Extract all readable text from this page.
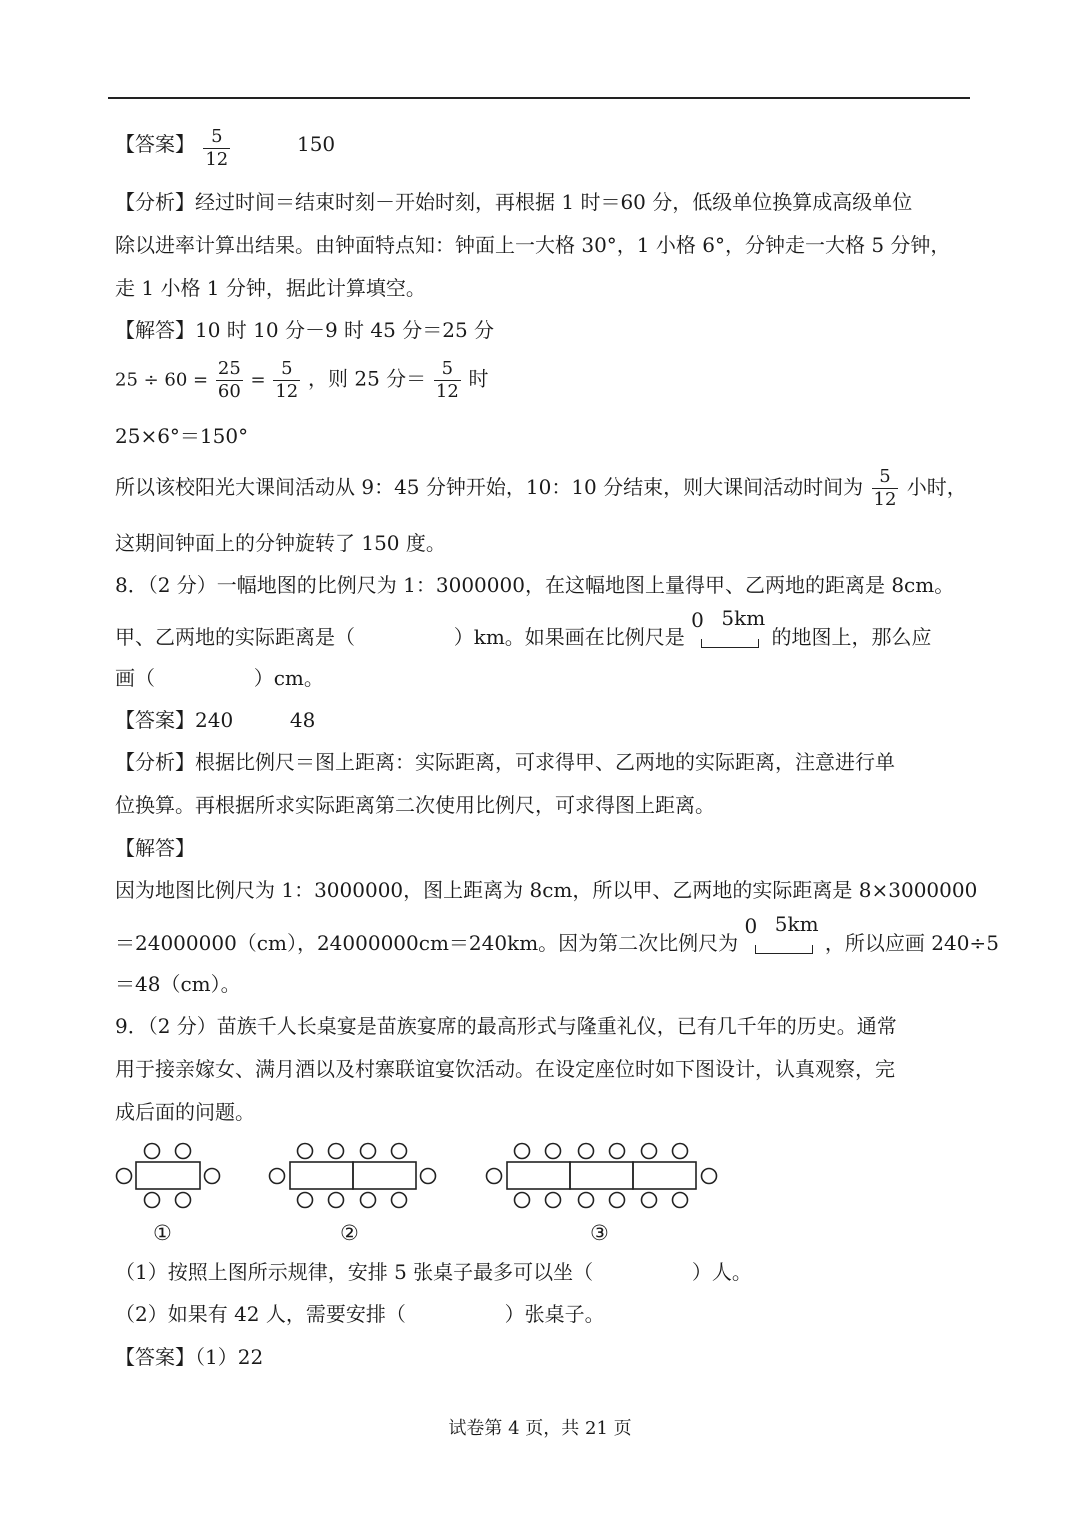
【答案】 $\frac{5}{12}$	150
【分析】经过时间＝结束时刻－开始时刻，再根据 1 时＝60 分，低级单位换算成高级单位
除以进率计算出结果。由钟面特点知：钟面上一大格 30°，1 小格 6°，分钟走一大格 5 分钟，
走 1 小格 1 分钟，据此计算填空。
【解答】10 时 10 分－9 时 45 分＝25 分
$25 \div 60 = \frac{25}{60} = \frac{5}{12}$ ，则 25 分＝ $\frac{5}{12}$ 时
25×6°＝150°
所以该校阳光大课间活动从 9：45 分钟开始，10：10 分结束，则大课间活动时间为 $\frac{5}{12}$ 小时，
这期间钟面上的分钟旋转了 150 度。
8．（2 分）一幅地图的比例尺为 1：3000000，在这幅地图上量得甲、乙两地的距离是 8cm。
甲、乙两地的实际距离是（	）km。如果画在比例尺是
0 5km
的地图上，那么应
画（	）cm。
【答案】240	48
【分析】根据比例尺＝图上距离：实际距离，可求得甲、乙两地的实际距离，注意进行单
位换算。再根据所求实际距离第二次使用比例尺，可求得图上距离。
【解答】
因为地图比例尺为 1：3000000，图上距离为 8cm，所以甲、乙两地的实际距离是 8×3000000
＝24000000（cm），24000000cm＝240km。因为第二次比例尺为
0 5km
，所以应画 240÷5
＝48（cm）。
9．（2 分）苗族千人长桌宴是苗族宴席的最高形式与隆重礼仪，已有几千年的历史。通常
用于接亲嫁女、满月酒以及村寨联谊宴饮活动。在设定座位时如下图设计，认真观察，完
成后面的问题。
①	②	③
（1）按照上图所示规律，安排 5 张桌子最多可以坐（	）人。
（2）如果有 42 人，需要安排（	）张桌子。
【答案】（1）22
试卷第 4 页，共 21 页
